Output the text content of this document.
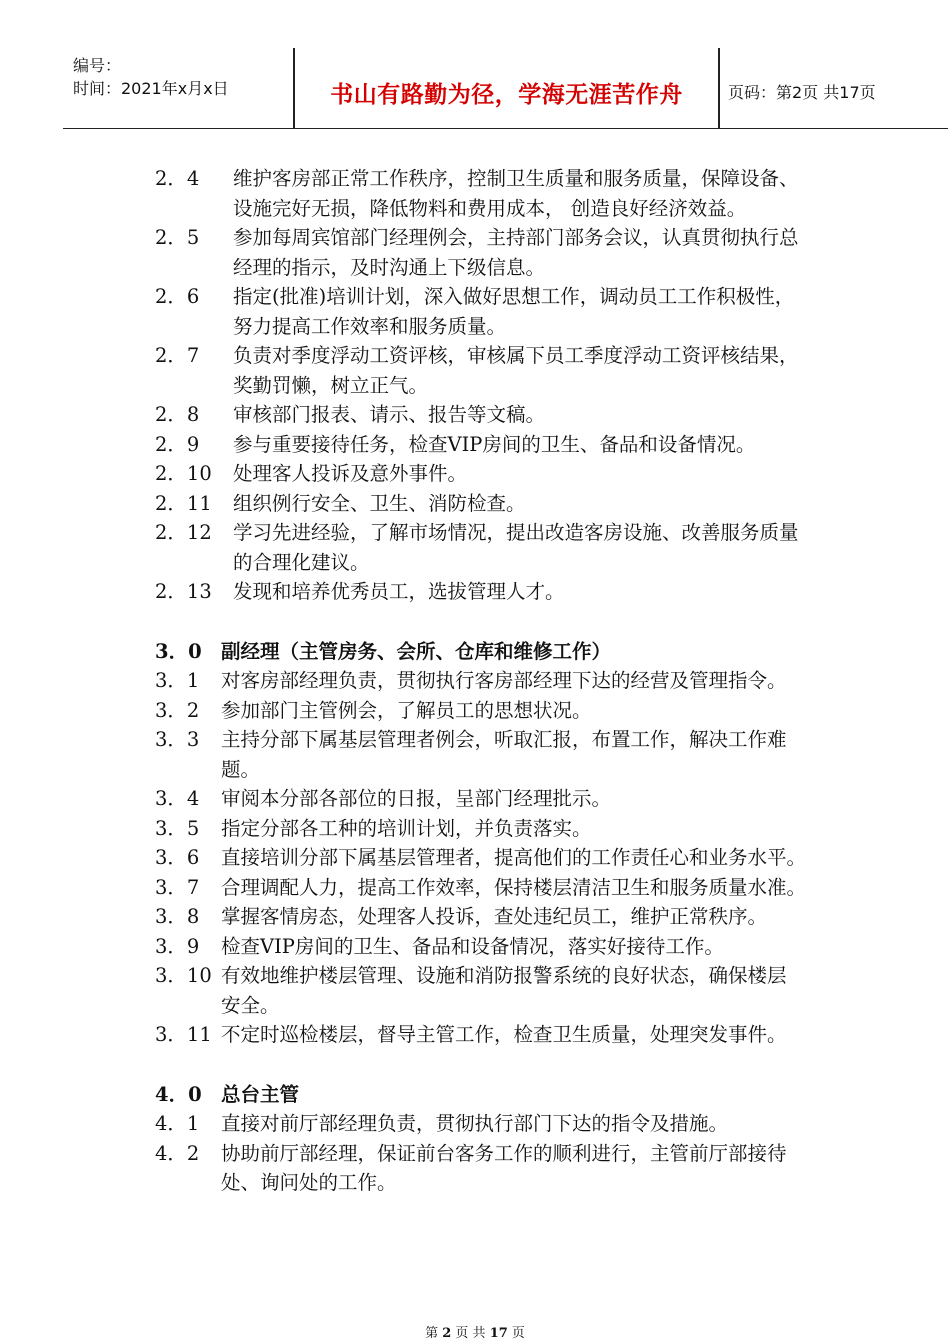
编号：
时间：2021年x月x日	书山有路勤为径，学海无涯苦作舟	页码：第2页 共17页
2．4 维护客房部正常工作秩序，控制卫生质量和服务质量，保障设备、
设施完好无损，降低物料和费用成本， 创造良好经济效益。
2．5 参加每周宾馆部门经理例会，主持部门部务会议，认真贯彻执行总
经理的指示，及时沟通上下级信息。
2．6 指定(批准)培训计划，深入做好思想工作，调动员工工作积极性，
努力提高工作效率和服务质量。
2．7 负责对季度浮动工资评核，审核属下员工季度浮动工资评核结果，
奖勤罚懒，树立正气。
2．8 审核部门报表、请示、报告等文稿。
2．9 参与重要接待任务，检查VIP房间的卫生、备品和设备情况。
2．10 处理客人投诉及意外事件。
2．11 组织例行安全、卫生、消防检查。
2．12 学习先进经验，了解市场情况，提出改造客房设施、改善服务质量
的合理化建议。
2．13 发现和培养优秀员工，选拔管理人才。
3．0 副经理（主管房务、会所、仓库和维修工作）
3．1 对客房部经理负责，贯彻执行客房部经理下达的经营及管理指令。
3．2 参加部门主管例会，了解员工的思想状况。
3．3 主持分部下属基层管理者例会，听取汇报，布置工作，解决工作难
题。
3．4 审阅本分部各部位的日报，呈部门经理批示。
3．5 指定分部各工种的培训计划，并负责落实。
3．6 直接培训分部下属基层管理者，提高他们的工作责任心和业务水平。
3．7 合理调配人力，提高工作效率，保持楼层清洁卫生和服务质量水准。
3．8 掌握客情房态，处理客人投诉，查处违纪员工，维护正常秩序。
3．9 检查VIP房间的卫生、备品和设备情况，落实好接待工作。
3．10 有效地维护楼层管理、设施和消防报警系统的良好状态，确保楼层
安全。
3．11 不定时巡检楼层，督导主管工作，检查卫生质量，处理突发事件。
4．0 总台主管
4．1 直接对前厅部经理负责，贯彻执行部门下达的指令及措施。
4．2 协助前厅部经理，保证前台客务工作的顺利进行，主管前厅部接待
处、询问处的工作。
第 2 页 共 17 页
